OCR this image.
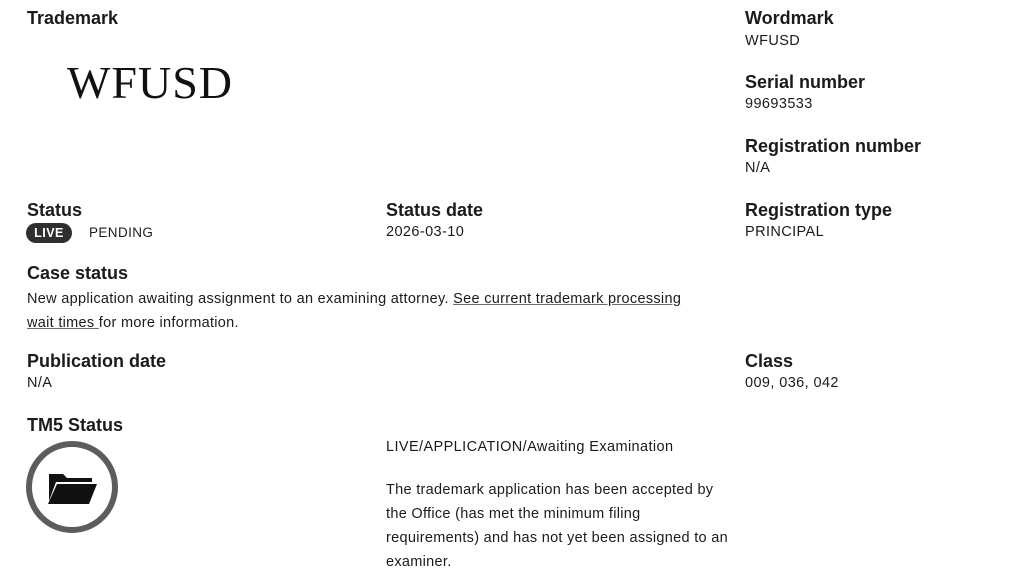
Trademark
WFUSD
Wordmark
WFUSD
Serial number
99693533
Registration number
N/A
Status
LIVE	PENDING
Status date
2026-03-10
Registration type
PRINCIPAL
Case status
New application awaiting assignment to an examining attorney. See current trademark processing wait times for more information.
Publication date
N/A
Class
009, 036, 042
TM5 Status
LIVE/APPLICATION/Awaiting Examination
The trademark application has been accepted by the Office (has met the minimum filing requirements) and has not yet been assigned to an examiner.
